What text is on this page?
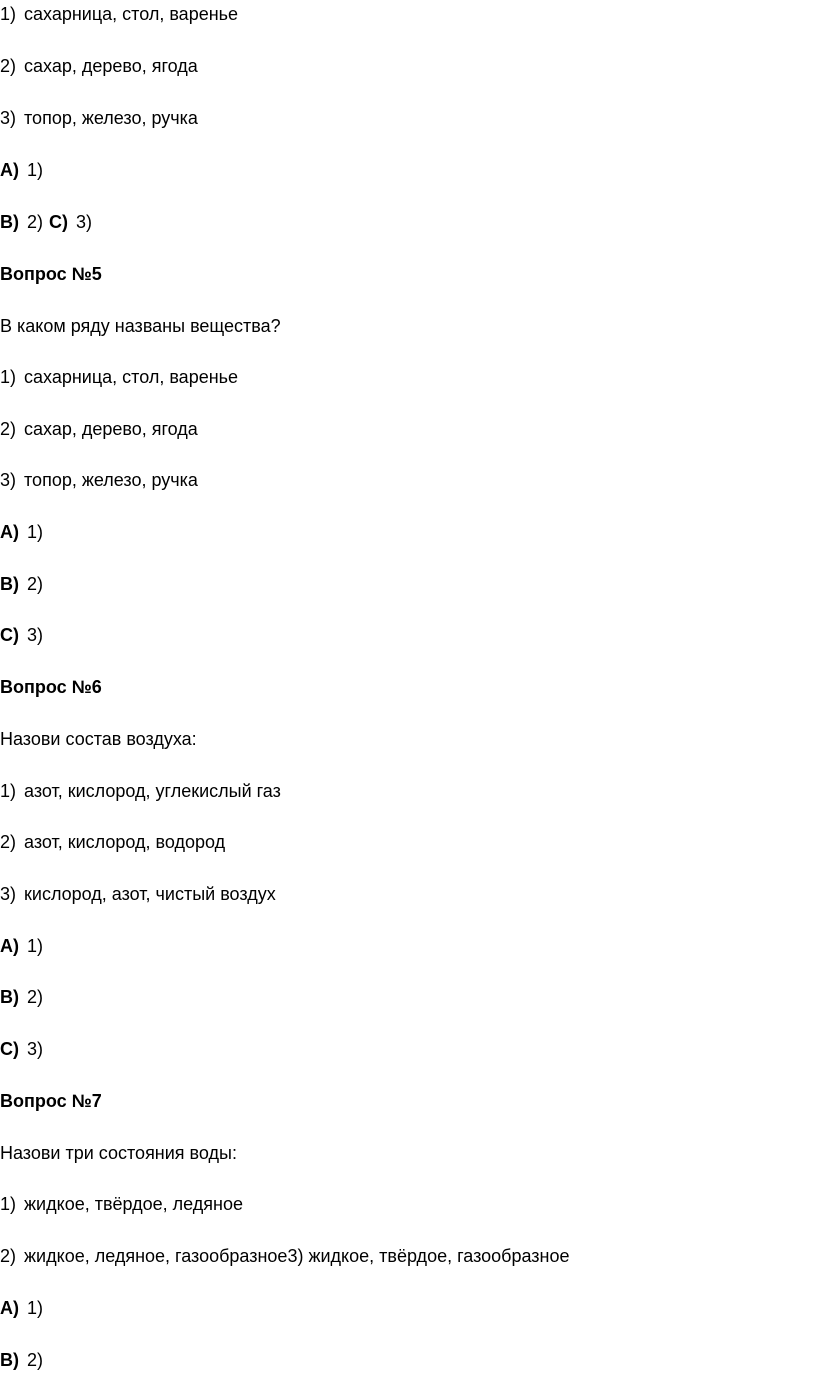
1) сахарница, стол, варенье
2) сахар, дерево, ягода
3) топор, железо, ручка
A) 1)
B) 2) C) 3)
Вопрос №5
В каком ряду названы вещества?
1) сахарница, стол, варенье
2) сахар, дерево, ягода
3) топор, железо, ручка
A) 1)
B) 2)
C) 3)
Вопрос №6
Назови состав воздуха:
1) азот, кислород, углекислый газ
2) азот, кислород, водород
3) кислород, азот, чистый воздух
A) 1)
B) 2)
C) 3)
Вопрос №7
Назови три состояния воды:
1) жидкое, твёрдое, ледяное
2) жидкое, ледяное, газообразное3) жидкое, твёрдое, газообразное
A) 1)
B) 2)
